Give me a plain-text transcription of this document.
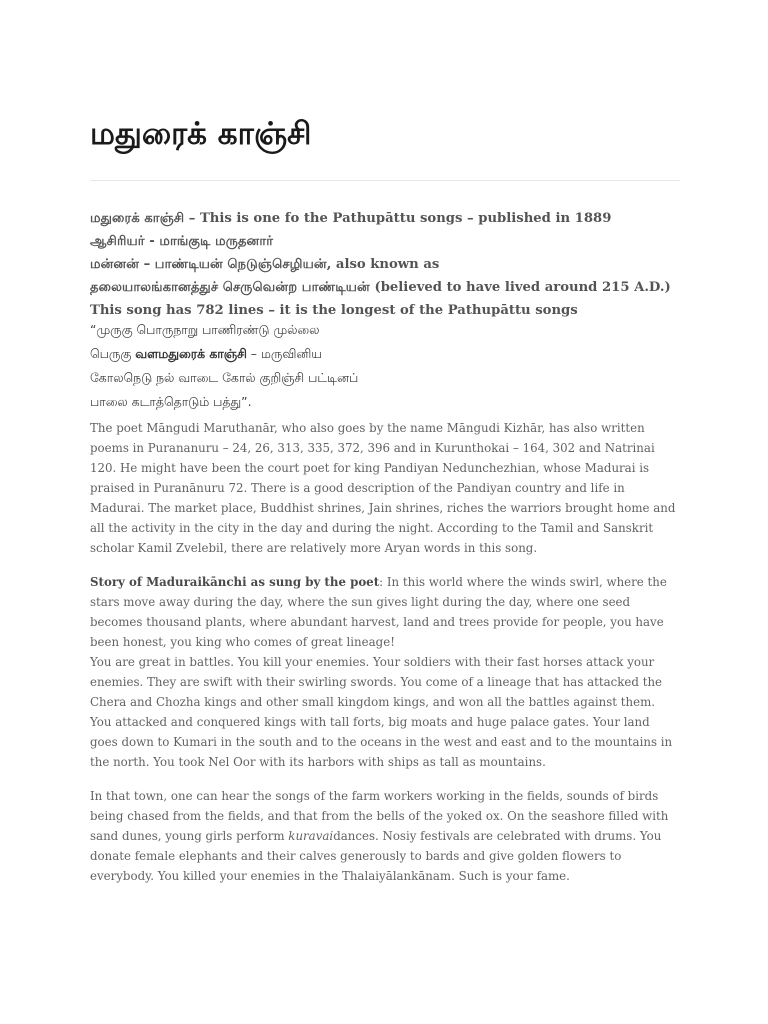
மதுரைக் காஞ்சி

மதுரைக் காஞ்சி – This is one fo the Pathupāttu songs – published in 1889

ஆசிரியர் - மாங்குடி மருதனார்

மன்னன் – பாண்டியன் நெடுஞ்செழியன், also known as

தலையாலங்கானத்துச் செருவென்ற பாண்டியன் (believed to have lived around 215 A.D.)

This song has 782 lines – it is the longest of the Pathupāttu songs

“முருகு பொருநாறு பாணிரண்டு முல்லை

பெருகு வளமதுரைக் காஞ்சி – மருவினிய

கோலநெடு நல் வாடை கோல் குறிஞ்சி பட்டினப்

பாலை கடாத்தொடும் பத்து”.

The poet Māngudi Maruthanār, who also goes by the name Māngudi Kizhār, has also written poems in Purananuru – 24, 26, 313, 335, 372, 396 and in Kurunthokai – 164, 302 and Natrinai 120. He might have been the court poet for king Pandiyan Nedunchezhian, whose Madurai is praised in Puranānuru 72. There is a good description of the Pandiyan country and life in Madurai. The market place, Buddhist shrines, Jain shrines, riches the warriors brought home and all the activity in the city in the day and during the night. According to the Tamil and Sanskrit scholar Kamil Zvelebil, there are relatively more Aryan words in this song.

Story of Maduraikānchi as sung by the poet: In this world where the winds swirl, where the stars move away during the day, where the sun gives light during the day, where one seed becomes thousand plants, where abundant harvest, land and trees provide for people, you have been honest, you king who comes of great lineage!

You are great in battles. You kill your enemies. Your soldiers with their fast horses attack your enemies. They are swift with their swirling swords. You come of a lineage that has attacked the Chera and Chozha kings and other small kingdom kings, and won all the battles against them. You attacked and conquered kings with tall forts, big moats and huge palace gates. Your land goes down to Kumari in the south and to the oceans in the west and east and to the mountains in the north. You took Nel Oor with its harbors with ships as tall as mountains.

In that town, one can hear the songs of the farm workers working in the fields, sounds of birds being chased from the fields, and that from the bells of the yoked ox. On the seashore filled with sand dunes, young girls perform kuravaidances. Nosiy festivals are celebrated with drums. You donate female elephants and their calves generously to bards and give golden flowers to everybody. You killed your enemies in the Thalaiyālankānam. Such is your fame.
